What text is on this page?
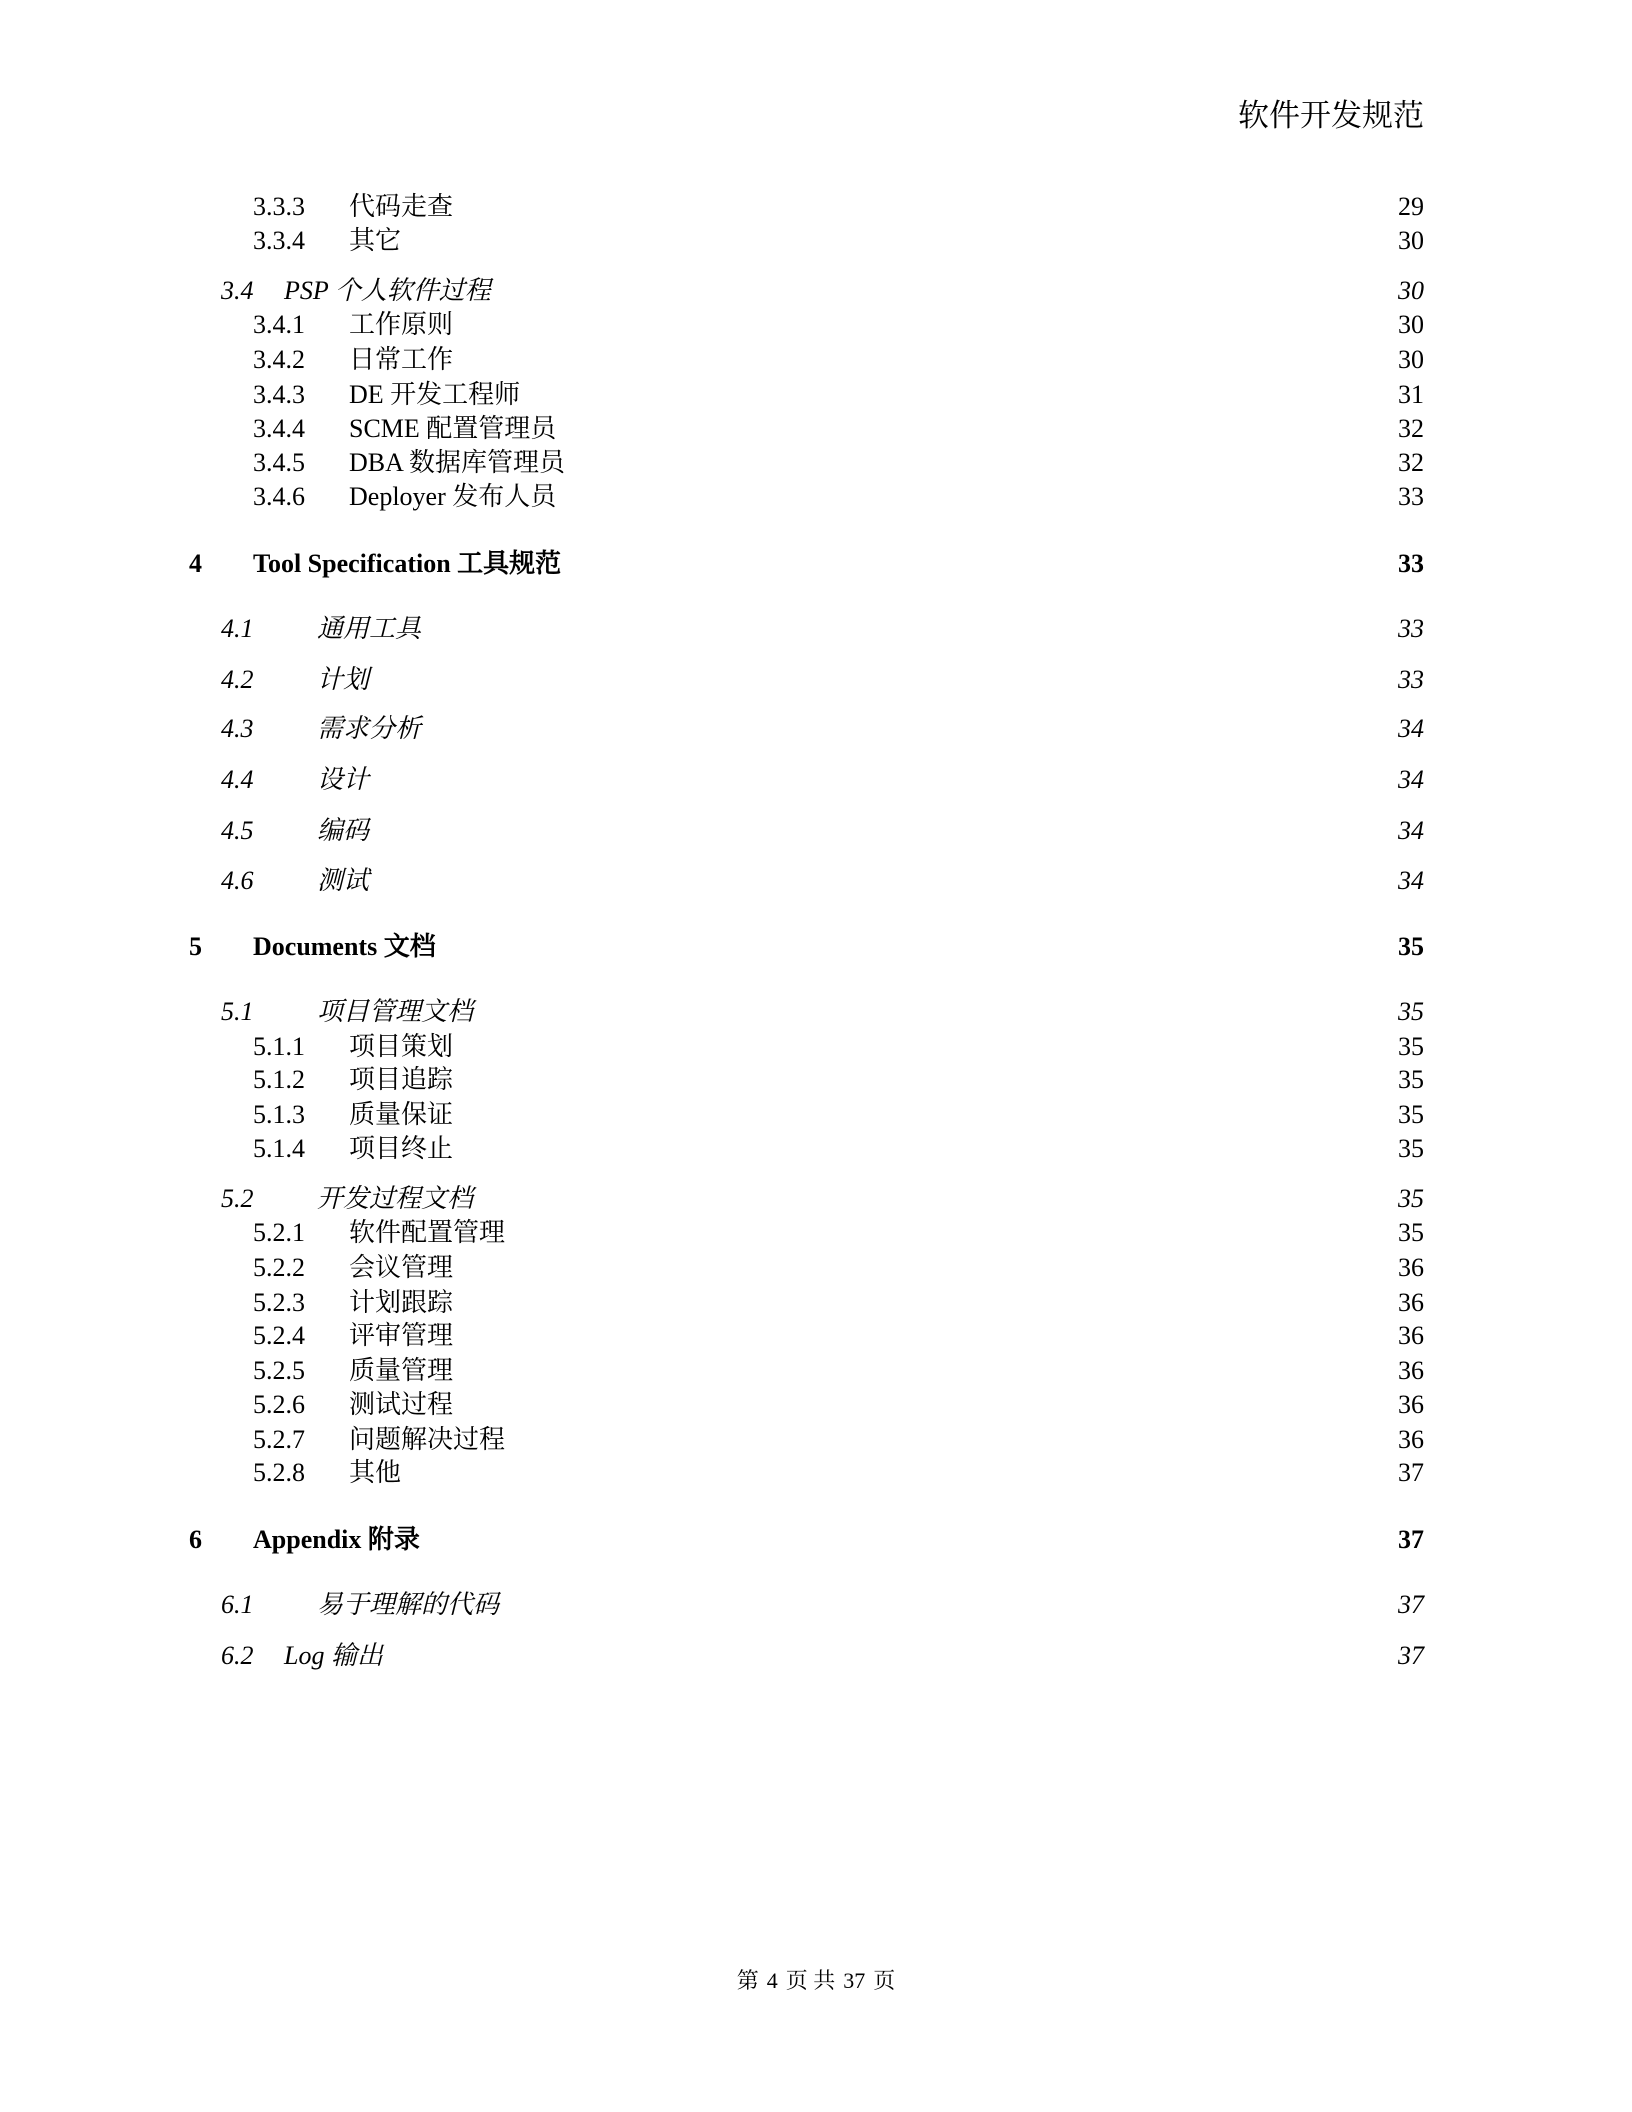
软件开发规范
3.3.3 代码走查	29
3.3.4 其它	30
3.4 PSP 个人软件过程	30
3.4.1 工作原则	30
3.4.2 日常工作	30
3.4.3 DE 开发工程师	31
3.4.4 SCME 配置管理员	32
3.4.5 DBA 数据库管理员	32
3.4.6 Deployer 发布人员	33
4 Tool Specification 工具规范	33
4.1 通用工具	33
4.2 计划	33
4.3 需求分析	34
4.4 设计	34
4.5 编码	34
4.6 测试	34
5 Documents 文档	35
5.1 项目管理文档	35
5.1.1 项目策划	35
5.1.2 项目追踪	35
5.1.3 质量保证	35
5.1.4 项目终止	35
5.2 开发过程文档	35
5.2.1 软件配置管理	35
5.2.2 会议管理	36
5.2.3 计划跟踪	36
5.2.4 评审管理	36
5.2.5 质量管理	36
5.2.6 测试过程	36
5.2.7 问题解决过程	36
5.2.8 其他	37
6 Appendix 附录	37
6.1 易于理解的代码	37
6.2 Log 输出	37
第 4 页 共 37 页
